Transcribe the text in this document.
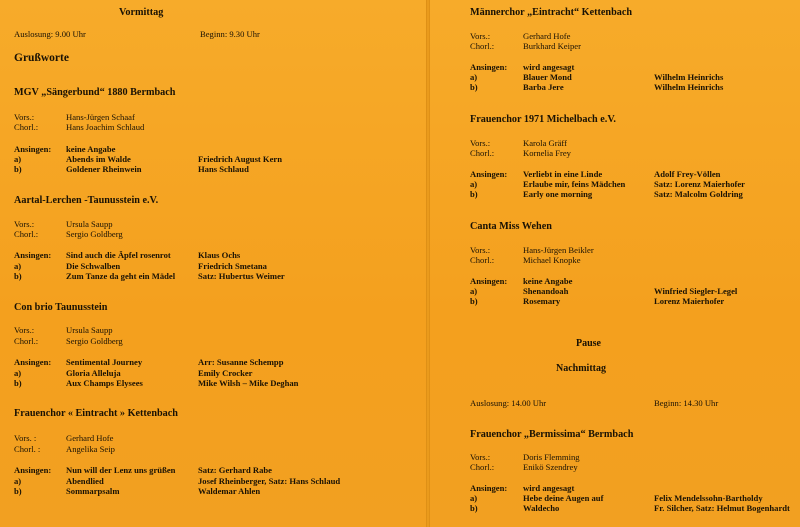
Vormittag
Auslosung: 9.00 Uhr	Beginn: 9.30 Uhr
Grußworte
MGV „Sängerbund“ 1880 Bermbach
Vors.:	Hans-Jürgen Schaaf
Chorl.:	Hans Joachim Schlaud
Ansingen: keine Angabe
a)	Abends im Walde	Friedrich August Kern
b)	Goldener Rheinwein	Hans Schlaud
Aartal-Lerchen -Taunusstein e.V.
Vors.:	Ursula Saupp
Chorl.:	Sergio Goldberg
Ansingen: Sind auch die Äpfel rosenrot	Klaus Ochs
a)	Die Schwalben	Friedrich Smetana
b)	Zum Tanze da geht ein Mädel	Satz: Hubertus Weimer
Con brio Taunusstein
Vors.:	Ursula Saupp
Chorl.:	Sergio Goldberg
Ansingen: Sentimental Journey	Arr: Susanne Schempp
a)	Gloria Alleluja	Emily Crocker
b)	Aux Champs Elysees	Mike Wilsh – Mike Deghan
Frauenchor « Eintracht » Kettenbach
Vors. :	Gerhard Hofe
Chorl. :	Angelika Seip
Ansingen: Nun will der Lenz uns grüßen	Satz: Gerhard Rabe
a)	Abendlied	Josef Rheinberger, Satz: Hans Schlaud
b)	Sommarpsalm	Waldemar Ahlen
Männerchor „Eintracht“ Kettenbach
Vors.:	Gerhard Hofe
Chorl.:	Burkhard Keiper
Ansingen: wird angesagt
a)	Blauer Mond	Wilhelm Heinrichs
b)	Barba Jere	Wilhelm Heinrichs
Frauenchor 1971 Michelbach e.V.
Vors.:	Karola Gräff
Chorl.:	Kornelia Frey
Ansingen: Verliebt in eine Linde	Adolf Frey-Völlen
a)	Erlaube mir, feins Mädchen	Satz: Lorenz Maierhofer
b)	Early one morning	Satz: Malcolm Goldring
Canta Miss Wehen
Vors.:	Hans-Jürgen Beikler
Chorl.:	Michael Knopke
Ansingen: keine Angabe
a)	Shenandoah	Winfried Siegler-Legel
b)	Rosemary	Lorenz Maierhofer
Pause
Nachmittag
Auslosung: 14.00 Uhr	Beginn: 14.30 Uhr
Frauenchor „Bermissima“ Bermbach
Vors.:	Doris Flemming
Chorl.:	Enikö Szendrey
Ansingen: wird angesagt
a)	Hebe deine Augen auf	Felix Mendelssohn-Bartholdy
b)	Waldecho	Fr. Silcher, Satz: Helmut Bogenhardt
